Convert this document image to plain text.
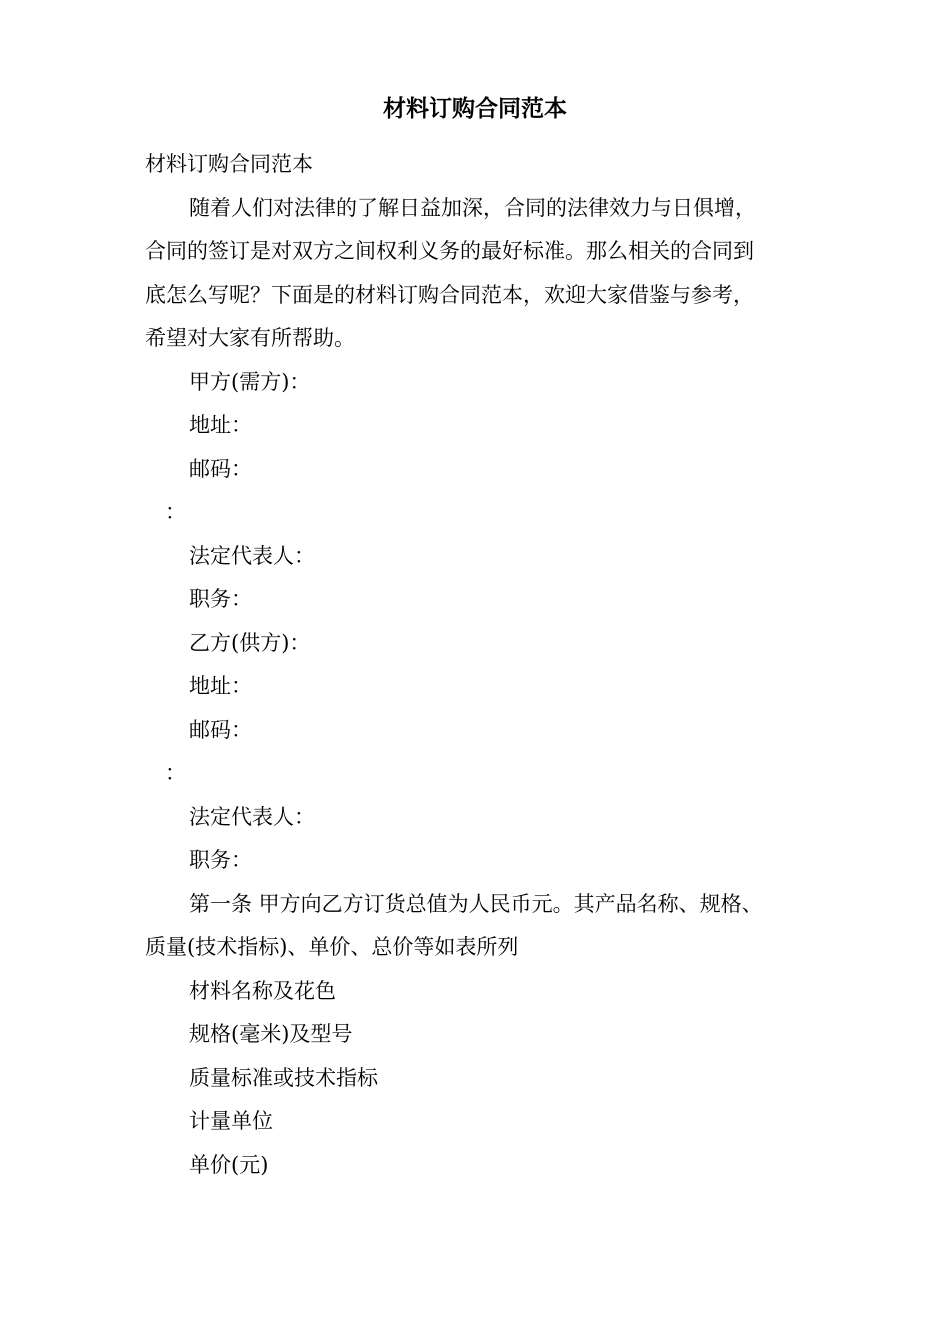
材料订购合同范本
材料订购合同范本
随着人们对法律的了解日益加深，合同的法律效力与日俱增，
合同的签订是对双方之间权利义务的最好标准。那么相关的合同到
底怎么写呢？下面是的材料订购合同范本，欢迎大家借鉴与参考，
希望对大家有所帮助。
甲方(需方)：
地址：
邮码：
：
法定代表人：
职务：
乙方(供方)：
地址：
邮码：
：
法定代表人：
职务：
第一条 甲方向乙方订货总值为人民币元。其产品名称、规格、
质量(技术指标)、单价、总价等如表所列
材料名称及花色
规格(毫米)及型号
质量标准或技术指标
计量单位
单价(元)
